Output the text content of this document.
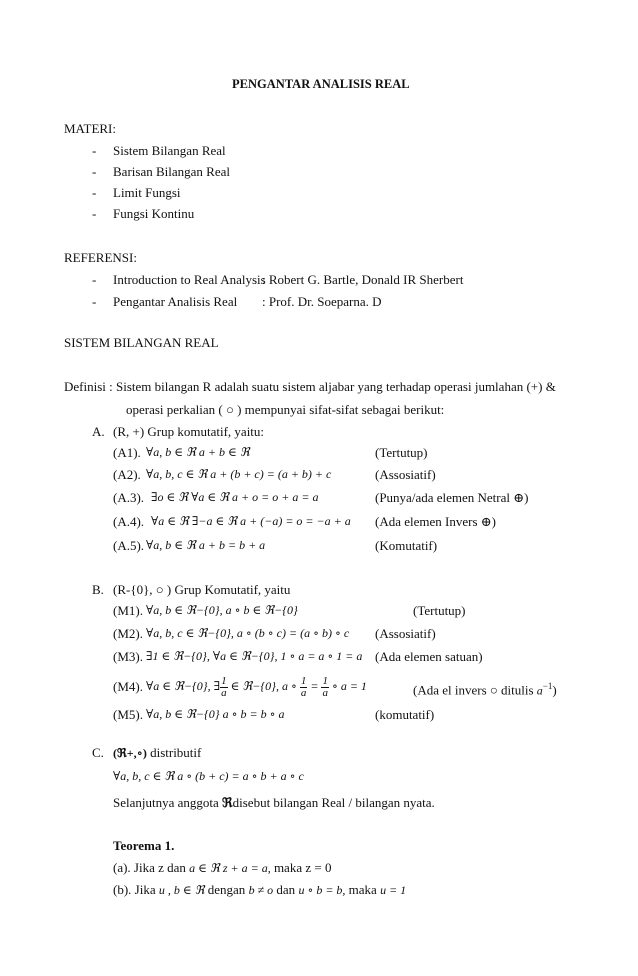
PENGANTAR ANALISIS REAL
MATERI:
- Sistem Bilangan Real
- Barisan Bilangan Real
- Limit Fungsi
- Fungsi Kontinu
REFERENSI:
- Introduction to Real Analysis
: Robert G. Bartle, Donald IR Sherbert
- Pengantar Analisis Real : Prof. Dr. Soeparna. D
SISTEM BILANGAN REAL
Definisi : Sistem bilangan R adalah suatu sistem aljabar yang terhadap operasi jumlahan (+) &
operasi perkalian ( ○ ) mempunyai sifat-sifat sebagai berikut:
A. (R, +) Grup komutatif, yaitu:
(A1). ∀a, b ∈ ℜ a + b ∈ ℜ	(Tertutup)
(A2). ∀a, b, c ∈ ℜ a + (b + c) = (a + b) + c	(Assosiatif)
(A.3). ∃o ∈ ℜ ∀a ∈ ℜ a + o = o + a = a	(Punya/ada elemen Netral ⊕)
(A.4). ∀a ∈ ℜ ∃−a ∈ ℜ a + (−a) = o = −a + a (Ada elemen Invers ⊕)
(A.5). ∀a, b ∈ ℜ a + b = b + a	(Komutatif)
B. (R-{0}, ○ ) Grup Komutatif, yaitu
(M1). ∀a, b ∈ ℜ−{0}, a ∘ b ∈ ℜ−{0}	(Tertutup)
(M2). ∀a, b, c ∈ ℜ−{0}, a ∘ (b ∘ c) = (a ∘ b) ∘ c (Assosiatif)
(M3). ∃1 ∈ ℜ−{0}, ∀a ∈ ℜ−{0}, 1 ∘ a = a ∘ 1 = a (Ada elemen satuan)
(M4). ∀a ∈ ℜ−{0}, ∃ $\frac{1}{a}$ ∈ ℜ−{0}, a ∘ $\frac{1}{a} = \frac{1}{a}$ ∘ a = 1	(Ada el invers ○ ditulis $a^{-1}$)
(M5). ∀a, b ∈ ℜ−{0} a ∘ b = b ∘ a	(komutatif)
C. (ℜ+,∘) distributif
∀a, b, c ∈ ℜ a ∘ (b + c) = a ∘ b + a ∘ c
Selanjutnya anggota ℜdisebut bilangan Real / bilangan nyata.
Teorema 1.
(a). Jika z dan a ∈ ℜ z + a = a, maka z = 0
(b). Jika u , b ∈ ℜ dengan b ≠ o dan u ∘ b = b, maka u = 1
